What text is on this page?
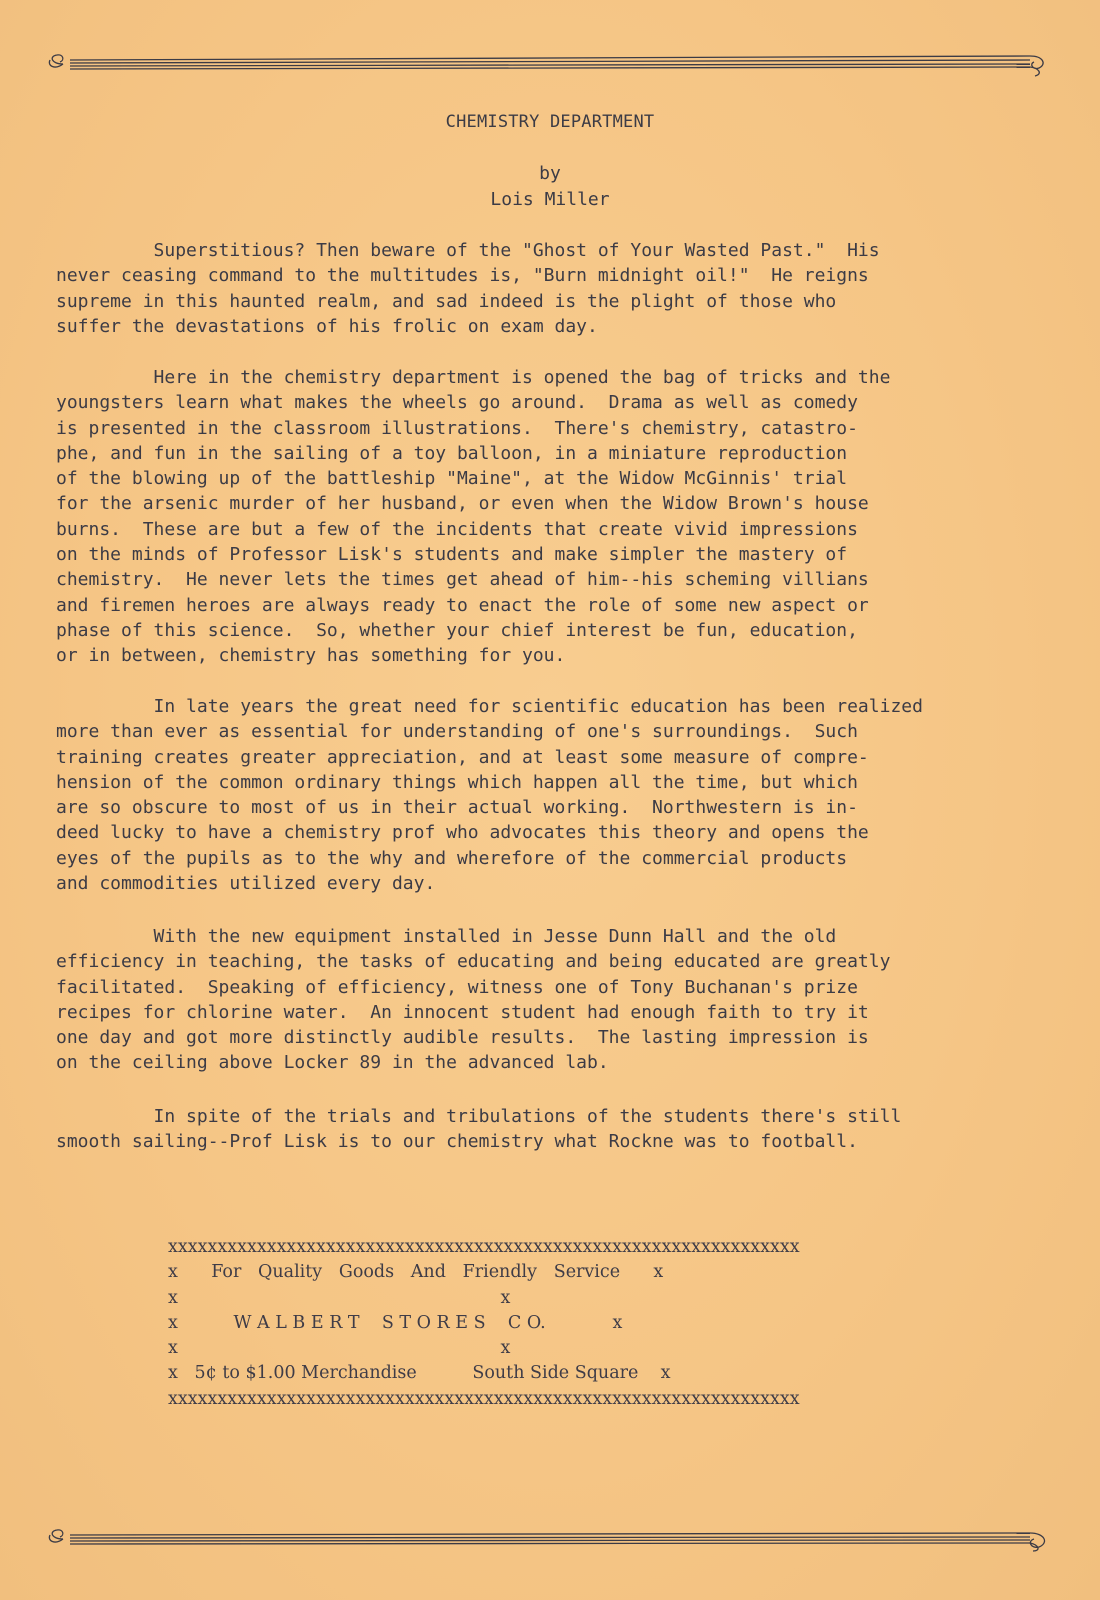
CHEMISTRY DEPARTMENT
by
Lois Miller
Superstitious? Then beware of the "Ghost of Your Wasted Past."  His
never ceasing command to the multitudes is, "Burn midnight oil!"  He reigns
supreme in this haunted realm, and sad indeed is the plight of those who
suffer the devastations of his frolic on exam day.
Here in the chemistry department is opened the bag of tricks and the
youngsters learn what makes the wheels go around.  Drama as well as comedy
is presented in the classroom illustrations.  There's chemistry, catastro-
phe, and fun in the sailing of a toy balloon, in a miniature reproduction
of the blowing up of the battleship "Maine", at the Widow McGinnis' trial
for the arsenic murder of her husband, or even when the Widow Brown's house
burns.  These are but a few of the incidents that create vivid impressions
on the minds of Professor Lisk's students and make simpler the mastery of
chemistry.  He never lets the times get ahead of him--his scheming villians
and firemen heroes are always ready to enact the role of some new aspect or
phase of this science.  So, whether your chief interest be fun, education,
or in between, chemistry has something for you.
In late years the great need for scientific education has been realized
more than ever as essential for understanding of one's surroundings.  Such
training creates greater appreciation, and at least some measure of compre-
hension of the common ordinary things which happen all the time, but which
are so obscure to most of us in their actual working.  Northwestern is in-
deed lucky to have a chemistry prof who advocates this theory and opens the
eyes of the pupils as to the why and wherefore of the commercial products
and commodities utilized every day.
With the new equipment installed in Jesse Dunn Hall and the old
efficiency in teaching, the tasks of educating and being educated are greatly
facilitated.  Speaking of efficiency, witness one of Tony Buchanan's prize
recipes for chlorine water.  An innocent student had enough faith to try it
one day and got more distinctly audible results.  The lasting impression is
on the ceiling above Locker 89 in the advanced lab.
In spite of the trials and tribulations of the students there's still
smooth sailing--Prof Lisk is to our chemistry what Rockne was to football.
xxxxxxxxxxxxxxxxxxxxxxxxxxxxxxxxxxxxxxxxxxxxxxxxxxxxxxxxxxxxxxxx
x      For   Quality   Goods   And   Friendly   Service      x
x                                                          x
x          W A L B E R T    S T O R E S    C O.            x
x                                                          x
x   5¢ to $1.00 Merchandise          South Side Square    x
xxxxxxxxxxxxxxxxxxxxxxxxxxxxxxxxxxxxxxxxxxxxxxxxxxxxxxxxxxxxxxxx
